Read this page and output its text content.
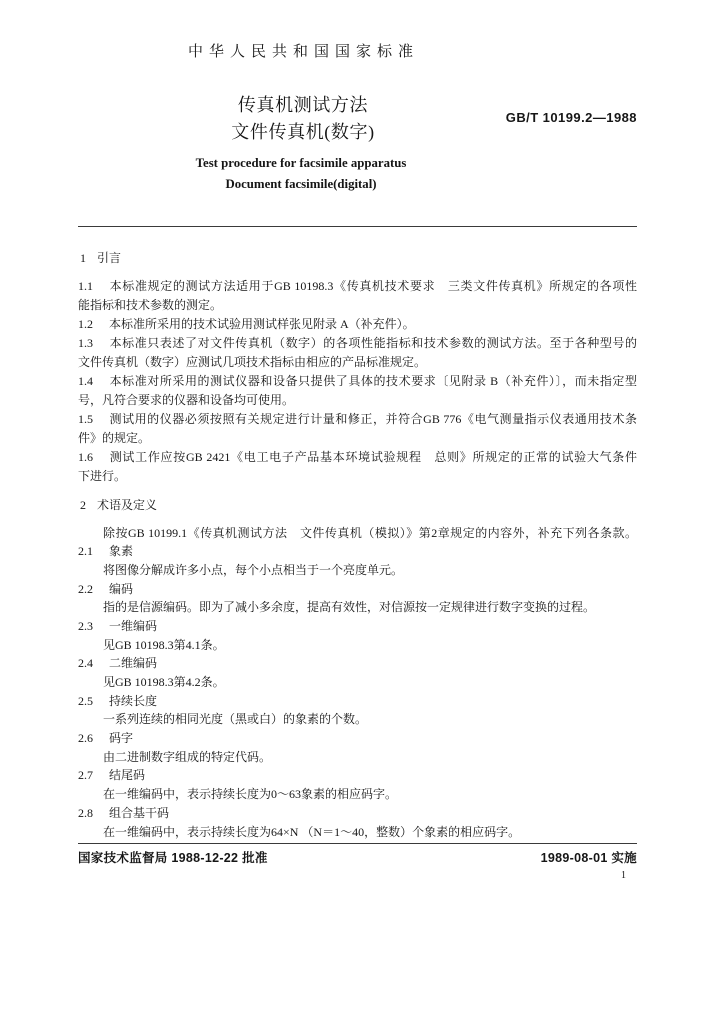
中华人民共和国国家标准
传真机测试方法
文件传真机(数字)
GB/T 10199.2—1988
Test procedure for facsimile apparatus
Document facsimile(digital)
1 引言
1.1 本标准规定的测试方法适用于GB 10198.3《传真机技术要求　三类文件传真机》所规定的各项性
能指标和技术参数的测定。
1.2 本标准所采用的技术试验用测试样张见附录 A（补充件）。
1.3 本标准只表述了对文件传真机（数字）的各项性能指标和技术参数的测试方法。至于各种型号的
文件传真机（数字）应测试几项技术指标由相应的产品标准规定。
1.4 本标准对所采用的测试仪器和设备只提供了具体的技术要求〔见附录 B（补充件）〕，而未指定型
号，凡符合要求的仪器和设备均可使用。
1.5 测试用的仪器必须按照有关规定进行计量和修正，并符合GB 776《电气测量指示仪表通用技术条
件》的规定。
1.6 测试工作应按GB 2421《电工电子产品基本环境试验规程　总则》所规定的正常的试验大气条件
下进行。
2 术语及定义
除按GB 10199.1《传真机测试方法　文件传真机（模拟）》第2章规定的内容外，补充下列各条款。
2.1 象素
将图像分解成许多小点，每个小点相当于一个亮度单元。
2.2 编码
指的是信源编码。即为了减小多余度，提高有效性，对信源按一定规律进行数字变换的过程。
2.3 一维编码
见GB 10198.3第4.1条。
2.4 二维编码
见GB 10198.3第4.2条。
2.5 持续长度
一系列连续的相同光度（黑或白）的象素的个数。
2.6 码字
由二进制数字组成的特定代码。
2.7 结尾码
在一维编码中，表示持续长度为0～63象素的相应码字。
2.8 组合基干码
在一维编码中，表示持续长度为64×N （N＝1～40，整数）个象素的相应码字。
国家技术监督局 1988-12-22 批准	1989-08-01 实施
1
